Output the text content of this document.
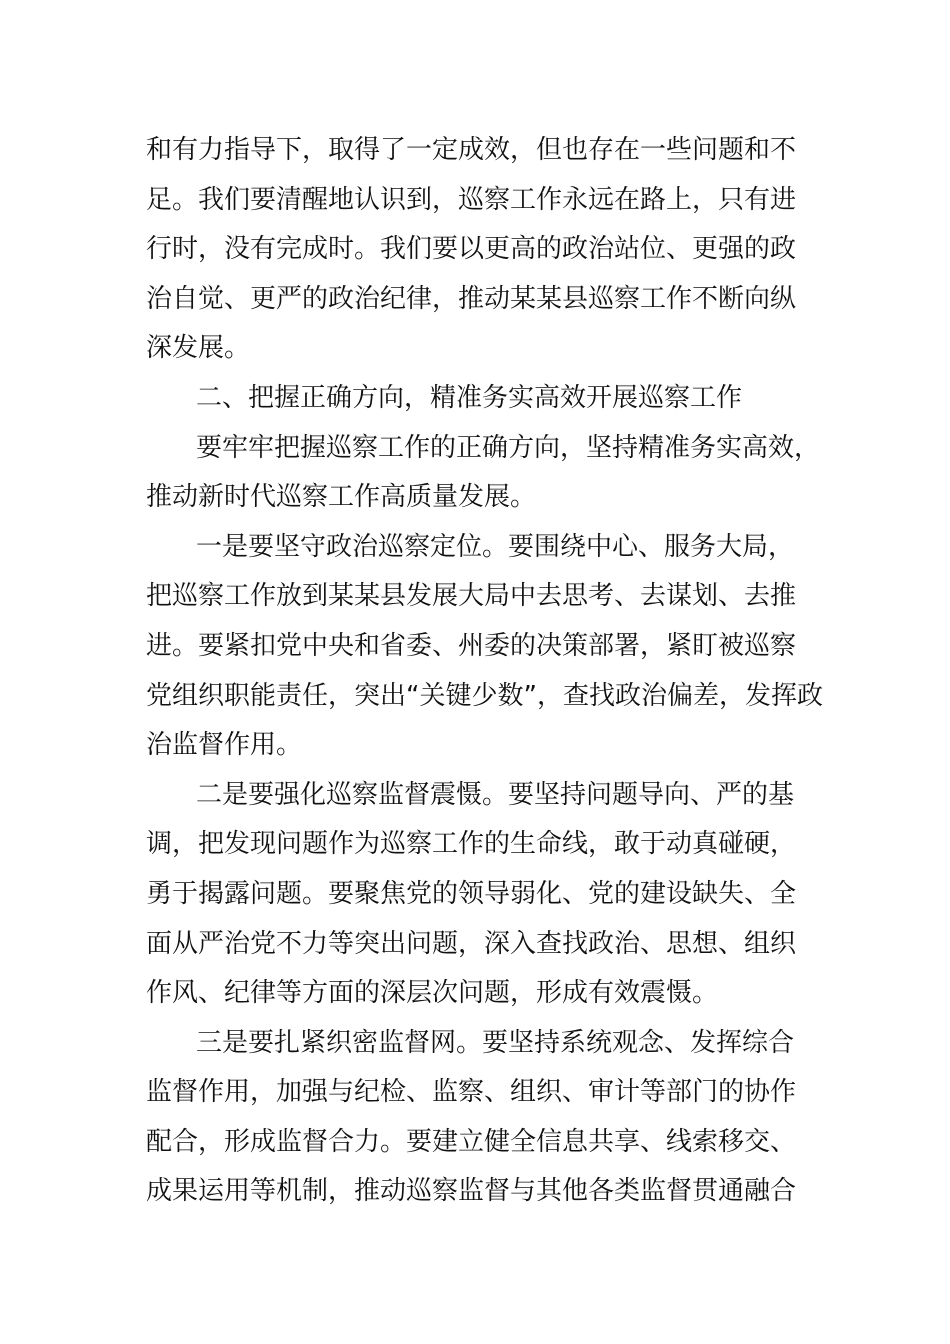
和有力指导下，取得了一定成效，但也存在一些问题和不
足。我们要清醒地认识到，巡察工作永远在路上，只有进
行时，没有完成时。我们要以更高的政治站位、更强的政
治自觉、更严的政治纪律，推动某某县巡察工作不断向纵
深发展。
二、把握正确方向，精准务实高效开展巡察工作
要牢牢把握巡察工作的正确方向，坚持精准务实高效，
推动新时代巡察工作高质量发展。
一是要坚守政治巡察定位。要围绕中心、服务大局，
把巡察工作放到某某县发展大局中去思考、去谋划、去推
进。要紧扣党中央和省委、州委的决策部署，紧盯被巡察
党组织职能责任，突出“关键少数”，查找政治偏差，发挥政
治监督作用。
二是要强化巡察监督震慑。要坚持问题导向、严的基
调，把发现问题作为巡察工作的生命线，敢于动真碰硬，
勇于揭露问题。要聚焦党的领导弱化、党的建设缺失、全
面从严治党不力等突出问题，深入查找政治、思想、组织
作风、纪律等方面的深层次问题，形成有效震慑。
三是要扎紧织密监督网。要坚持系统观念、发挥综合
监督作用，加强与纪检、监察、组织、审计等部门的协作
配合，形成监督合力。要建立健全信息共享、线索移交、
成果运用等机制，推动巡察监督与其他各类监督贯通融合
